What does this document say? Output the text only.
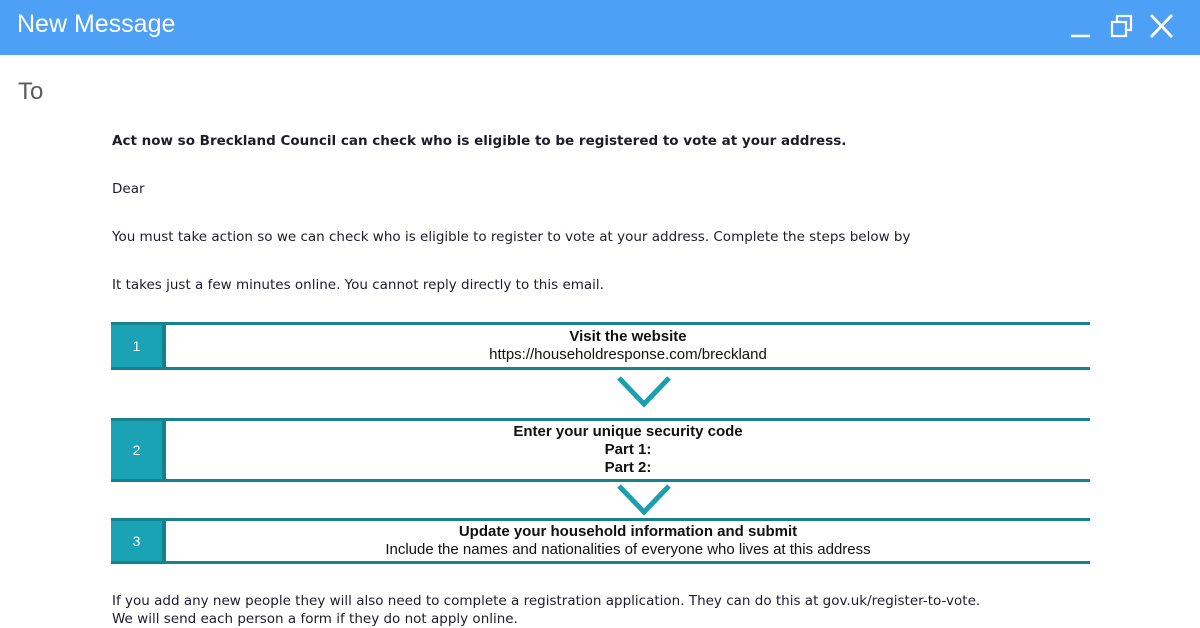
New Message
To
Act now so Breckland Council can check who is eligible to be registered to vote at your address.
Dear
You must take action so we can check who is eligible to register to vote at your address. Complete the steps below by
It takes just a few minutes online. You cannot reply directly to this email.
1
Visit the website
https://householdresponse.com/breckland
2
Enter your unique security code
Part 1:
Part 2:
3
Update your household information and submit
Include the names and nationalities of everyone who lives at this address
If you add any new people they will also need to complete a registration application. They can do this at gov.uk/register-to-vote.
We will send each person a form if they do not apply online.
